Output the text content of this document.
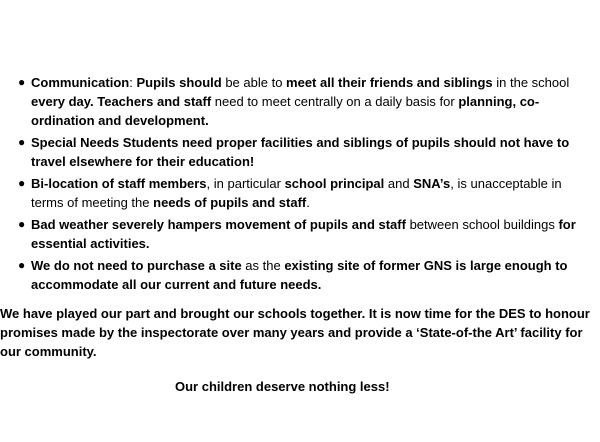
● Communication: Pupils should be able to meet all their friends and siblings in the school every day. Teachers and staff need to meet centrally on a daily basis for planning, co-ordination and development.
● Special Needs Students need proper facilities and siblings of pupils should not have to travel elsewhere for their education!
● Bi-location of staff members, in particular school principal and SNA’s, is unacceptable in terms of meeting the needs of pupils and staff.
● Bad weather severely hampers movement of pupils and staff between school buildings for essential activities.
● We do not need to purchase a site as the existing site of former GNS is large enough to accommodate all our current and future needs.

We have played our part and brought our schools together. It is now time for the DES to honour promises made by the inspectorate over many years and provide a ‘State-of-the Art’ facility for our community.

Our children deserve nothing less!
